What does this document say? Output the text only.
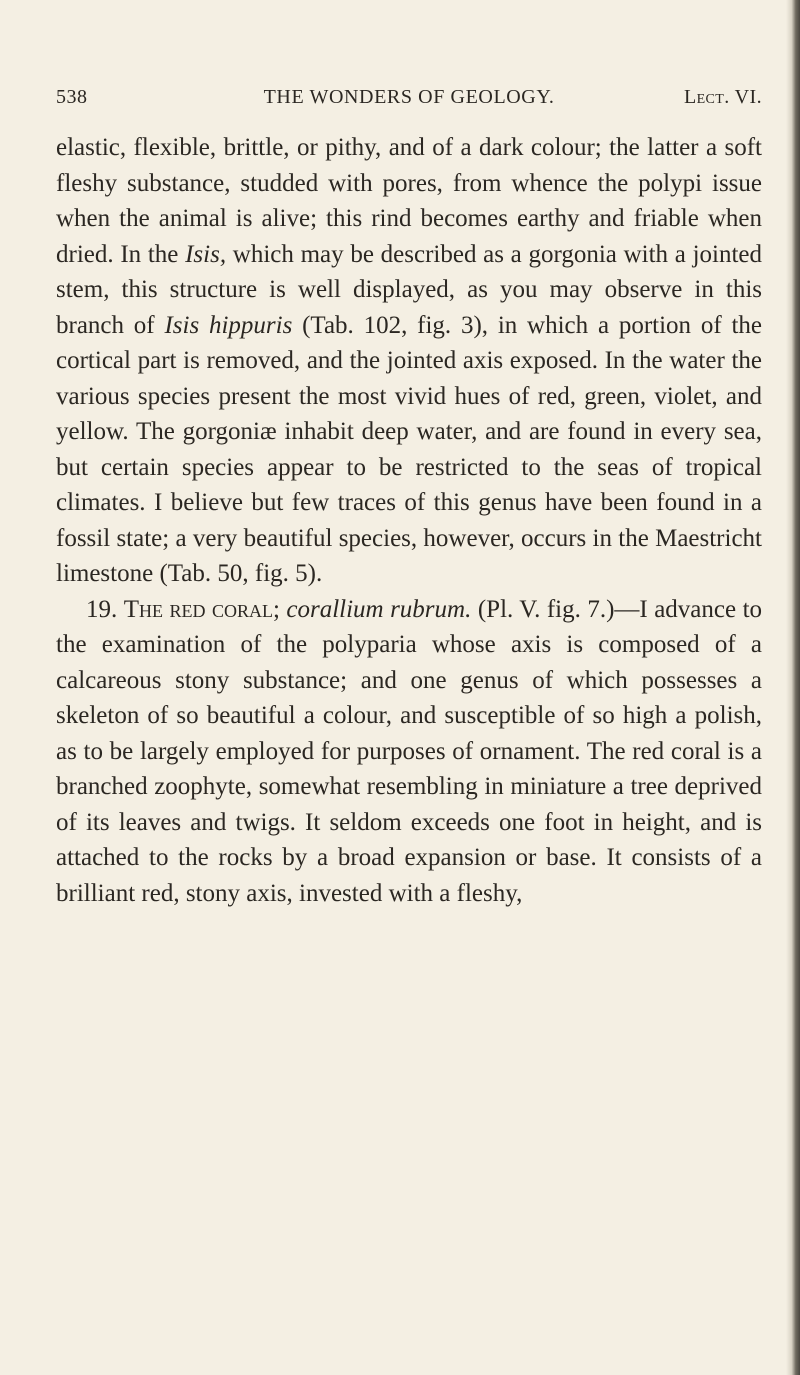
538	THE WONDERS OF GEOLOGY.	Lect. VI.

elastic, flexible, brittle, or pithy, and of a dark colour; the latter a soft fleshy substance, studded with pores, from whence the polypi issue when the animal is alive; this rind becomes earthy and friable when dried. In the Isis, which may be described as a gorgonia with a jointed stem, this structure is well displayed, as you may observe in this branch of Isis hippuris (Tab. 102, fig. 3), in which a portion of the cortical part is removed, and the jointed axis exposed. In the water the various species present the most vivid hues of red, green, violet, and yellow. The gorgoniæ inhabit deep water, and are found in every sea, but certain species appear to be restricted to the seas of tropical climates. I believe but few traces of this genus have been found in a fossil state; a very beautiful species, however, occurs in the Maestricht limestone (Tab. 50, fig. 5).

19. The red coral; corallium rubrum. (Pl. V. fig. 7.)—I advance to the examination of the polyparia whose axis is composed of a calcareous stony substance; and one genus of which possesses a skeleton of so beautiful a colour, and susceptible of so high a polish, as to be largely employed for purposes of ornament. The red coral is a branched zoophyte, somewhat resembling in miniature a tree deprived of its leaves and twigs. It seldom exceeds one foot in height, and is attached to the rocks by a broad expansion or base. It consists of a brilliant red, stony axis, invested with a fleshy,
